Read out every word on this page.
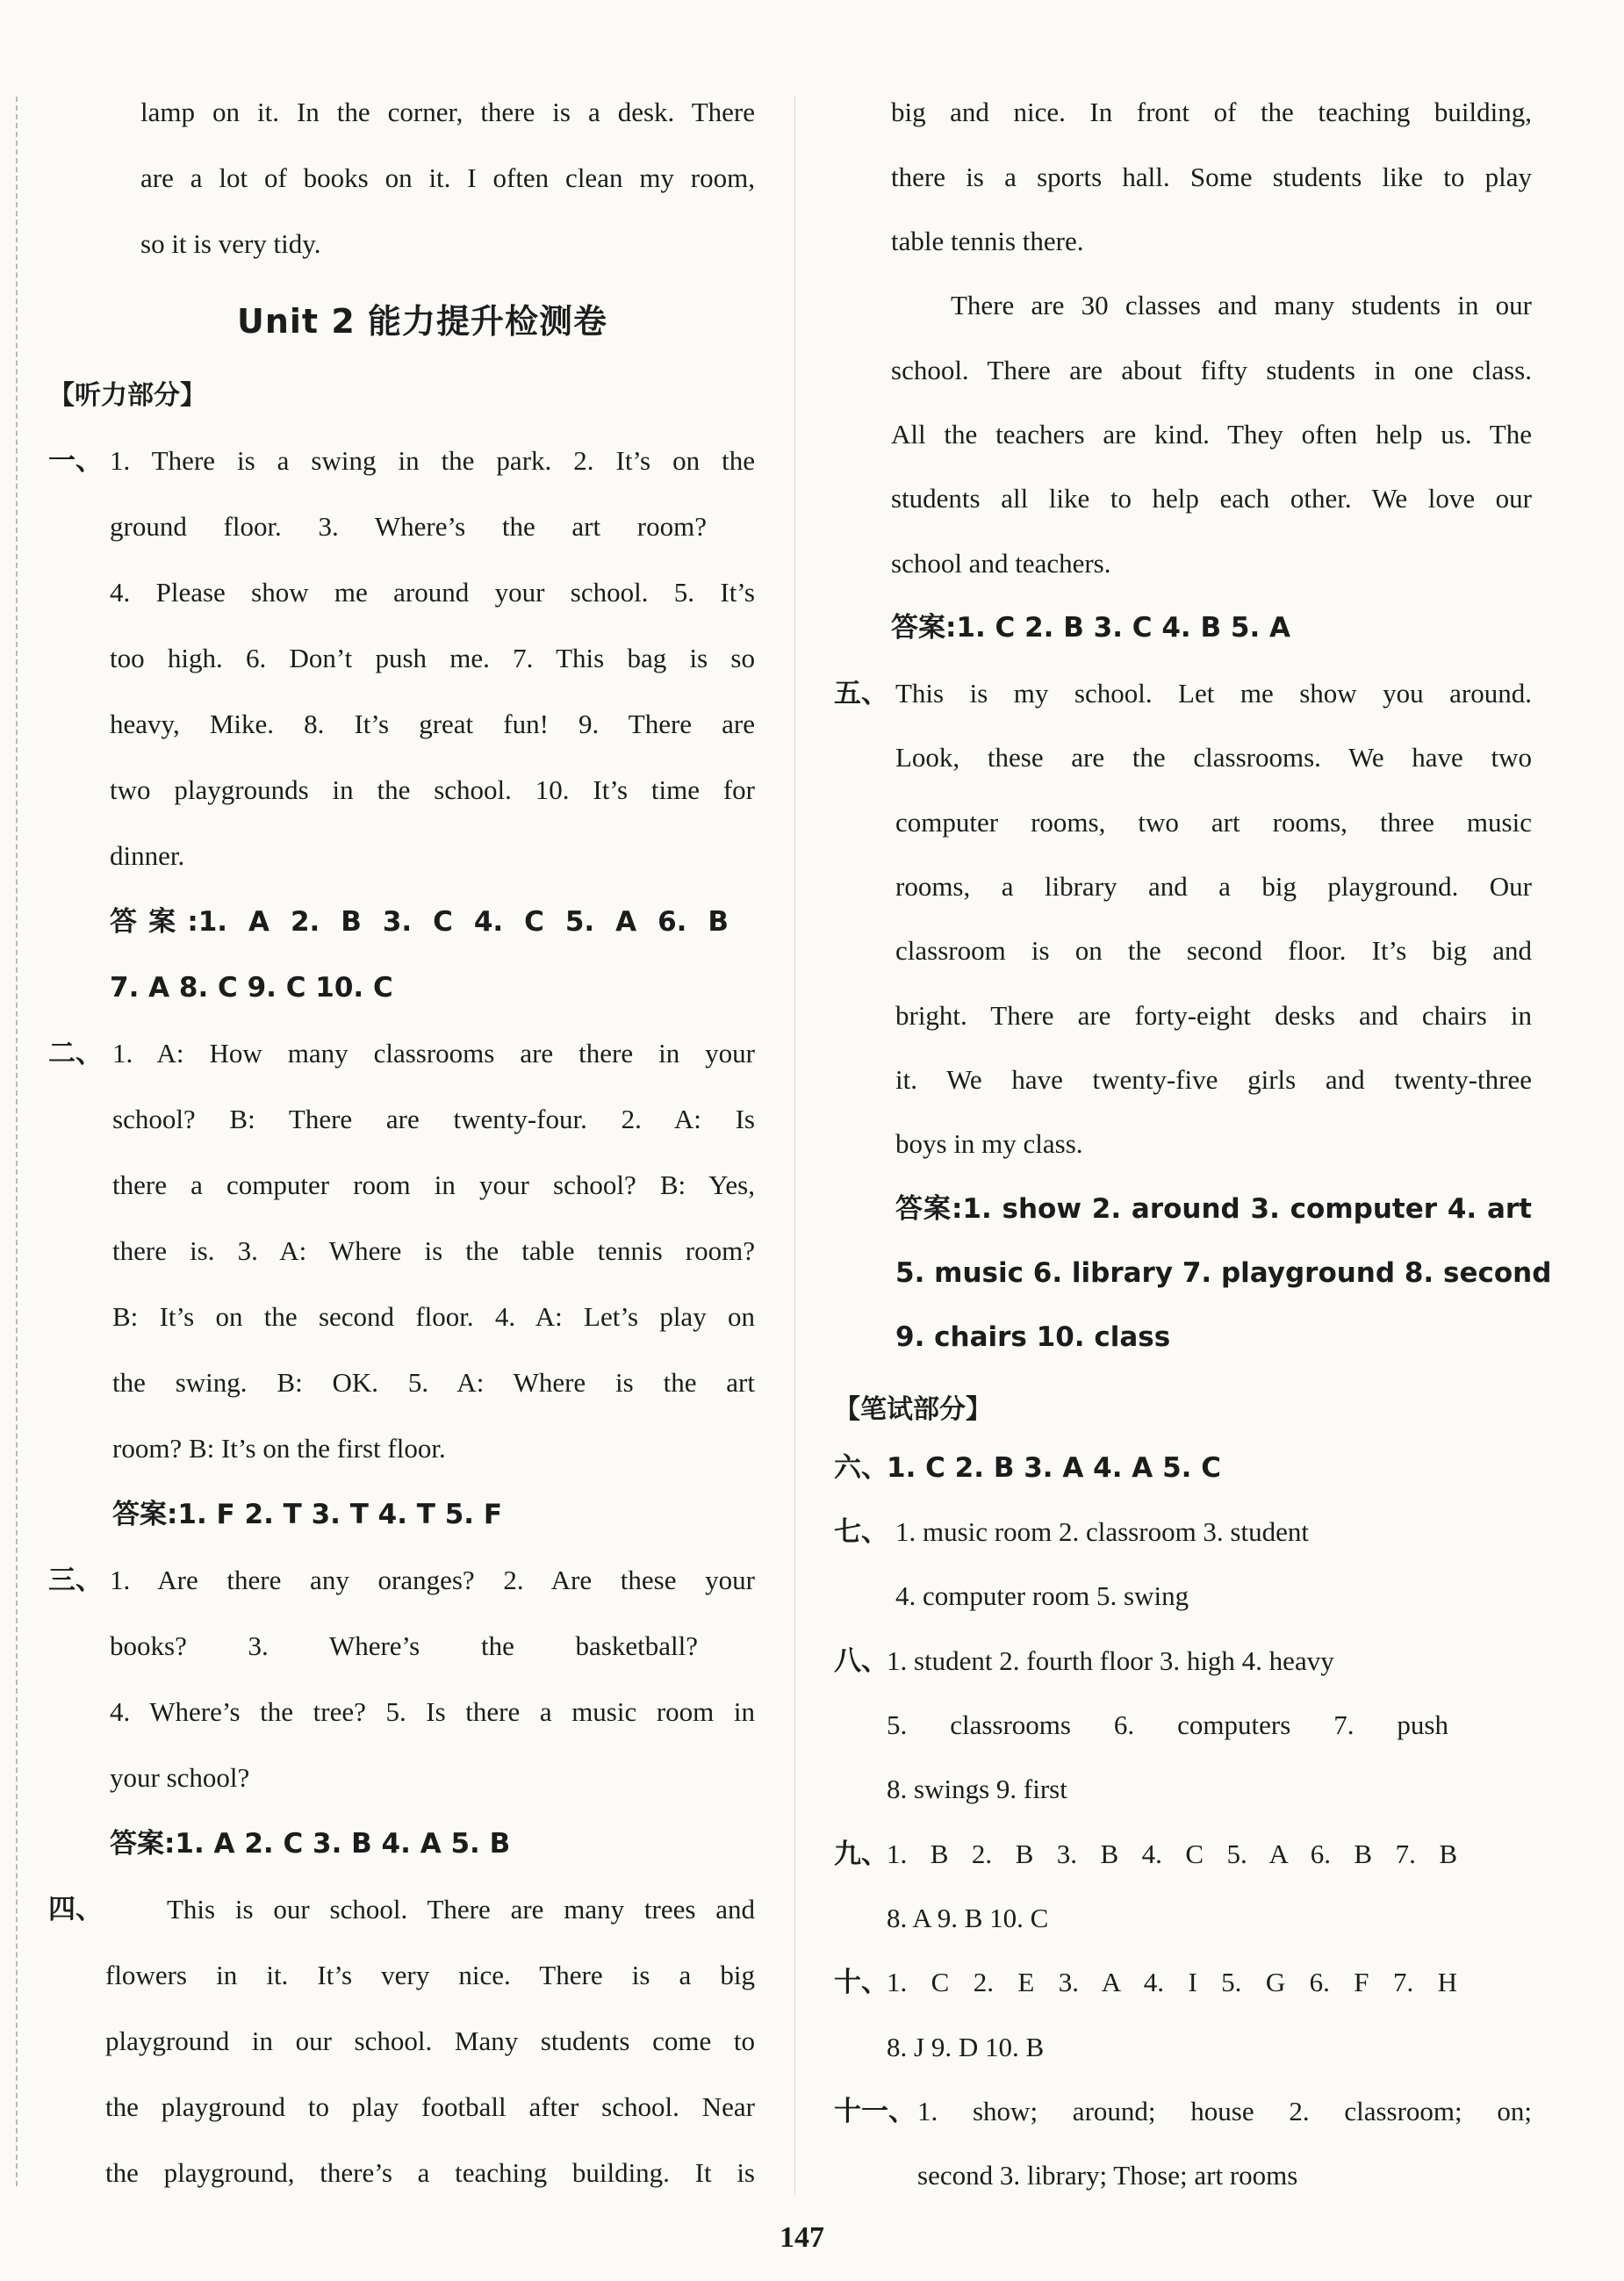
lamp on it. In the corner, there is a desk. There
are a lot of books on it. I often clean my room,
so it is very tidy.
Unit 2 能力提升检测卷
【听力部分】
一、 1. There is a swing in the park. 2. It’s on the
ground floor. 3. Where’s the art room?
4. Please show me around your school. 5. It’s
too high. 6. Don’t push me. 7. This bag is so
heavy, Mike. 8. It’s great fun! 9. There are
two playgrounds in the school. 10. It’s time for
dinner.
答案:1. A 2. B 3. C 4. C 5. A 6. B
7. A 8. C 9. C 10. C
二、 1. A: How many classrooms are there in your
school? B: There are twenty-four. 2. A: Is
there a computer room in your school? B: Yes,
there is. 3. A: Where is the table tennis room?
B: It’s on the second floor. 4. A: Let’s play on
the swing. B: OK. 5. A: Where is the art
room? B: It’s on the first floor.
答案:1. F 2. T 3. T 4. T 5. F
三、 1. Are there any oranges? 2. Are these your
books? 3. Where’s the basketball?
4. Where’s the tree? 5. Is there a music room in
your school?
答案:1. A 2. C 3. B 4. A 5. B
四、 This is our school. There are many trees and
flowers in it. It’s very nice. There is a big
playground in our school. Many students come to
the playground to play football after school. Near
the playground, there’s a teaching building. It is
big and nice. In front of the teaching building,
there is a sports hall. Some students like to play
table tennis there.
There are 30 classes and many students in our
school. There are about fifty students in one class.
All the teachers are kind. They often help us. The
students all like to help each other. We love our
school and teachers.
答案:1. C 2. B 3. C 4. B 5. A
五、 This is my school. Let me show you around.
Look, these are the classrooms. We have two
computer rooms, two art rooms, three music
rooms, a library and a big playground. Our
classroom is on the second floor. It’s big and
bright. There are forty-eight desks and chairs in
it. We have twenty-five girls and twenty-three
boys in my class.
答案:1. show 2. around 3. computer 4. art
5. music 6. library 7. playground 8. second
9. chairs 10. class
【笔试部分】
六、
1. C 2. B 3. A 4. A 5. C
七、 1. music room 2. classroom 3. student
4. computer room 5. swing
八、
1. student 2. fourth floor 3. high 4. heavy
5. classrooms 6. computers 7. push
8. swings 9. first
九、
1. B 2. B 3. B 4. C 5. A 6. B 7. B
8. A 9. B 10. C
十、
1. C 2. E 3. A 4. I 5. G 6. F 7. H
8. J 9. D 10. B
十一、 1. show; around; house 2. classroom; on;
second 3. library; Those; art rooms
147
